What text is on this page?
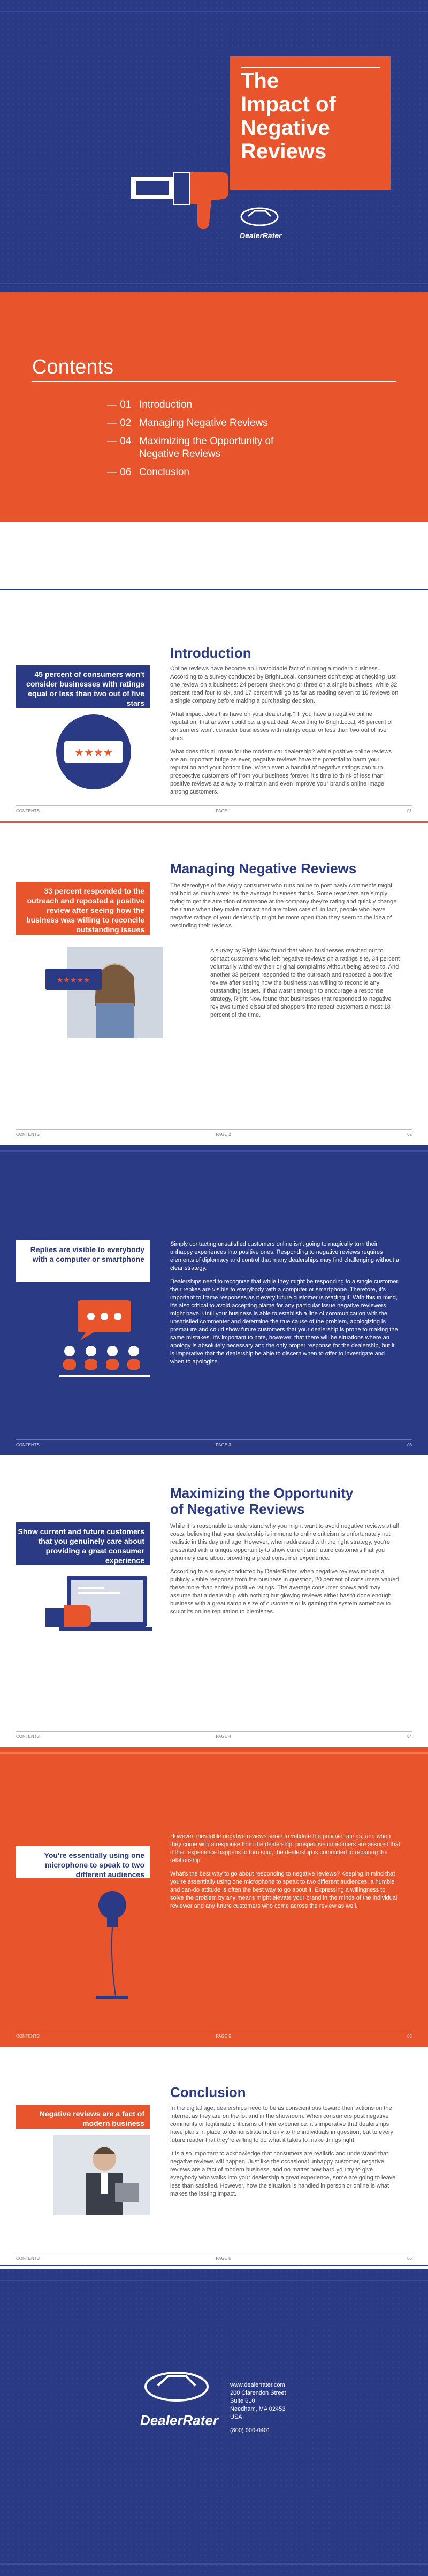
The
Impact of
Negative
Reviews
DealerRater
Contents
— 01 Introduction
— 02 Managing Negative Reviews
— 04 Maximizing the Opportunity of Negative Reviews
— 06 Conclusion
Introduction
45 percent of consumers won't consider businesses with ratings equal or less than two out of five stars
★★★★

Online reviews have become an unavoidable fact of running a modern business. According to a survey conducted by BrightLocal, consumers don't stop at checking just one review on a business: 24 percent check two or three on a single business, while 32 percent read four to six, and 17 percent will go as far as reading seven to 10 reviews on a single company before making a purchasing decision.

What impact does this have on your dealership? If you have a negative online reputation, that answer could be: a great deal. According to BrightLocal, 45 percent of consumers won't consider businesses with ratings equal or less than two out of five stars.

What does this all mean for the modern car dealership? While positive online reviews are an important bulge as ever, negative reviews have the potential to harm your reputation and your bottom line. When even a handful of negative ratings can turn prospective customers off from your business forever, it's time to think of less than positive reviews as a way to maintain and even improve your brand's online image among customers.

CONTENTS	PAGE 1	01
Managing Negative Reviews
33 percent responded to the outreach and reposted a positive review after seeing how the business was willing to reconcile outstanding issues
★★★★★

The stereotype of the angry consumer who runs online to post nasty comments might not hold as much water as the average business thinks. Some reviewers are simply trying to get the attention of someone at the company they're rating and quickly change their tune when they make contact and are taken care of. In fact, people who leave negative ratings of your dealership might be more open than they seem to the idea of rescinding their reviews.

A survey by Right Now found that when businesses reached out to contact customers who left negative reviews on a ratings site, 34 percent voluntarily withdrew their original complaints without being asked to. And another 33 percent responded to the outreach and reposted a positive review after seeing how the business was willing to reconcile any outstanding issues. If that wasn't enough to encourage a response strategy, Right Now found that businesses that responded to negative reviews turned dissatisfied shoppers into repeat customers almost 18 percent of the time.

CONTENTS	PAGE 2	02
Replies are visible to everybody with a computer or smartphone

Simply contacting unsatisfied customers online isn't going to magically turn their unhappy experiences into positive ones. Responding to negative reviews requires elements of diplomacy and control that many dealerships may find challenging without a clear strategy.

Dealerships need to recognize that while they might be responding to a single customer, their replies are visible to everybody with a computer or smartphone. Therefore, it's important to frame responses as if every future customer is reading it. With this in mind, it's also critical to avoid accepting blame for any particular issue negative reviewers might have. Until your business is able to establish a line of communication with the unsatisfied commenter and determine the true cause of the problem, apologizing is premature and could show future customers that your dealership is prone to making the same mistakes. It's important to note, however, that there will be situations where an apology is absolutely necessary and the only proper response for the dealership, but it is imperative that the dealership be able to discern when to offer to investigate and when to apologize.

CONTENTS	PAGE 3	03
Maximizing the Opportunity
of Negative Reviews
Show current and future customers that you genuinely care about providing a great consumer experience

While it is reasonable to understand why you might want to avoid negative reviews at all costs, believing that your dealership is immune to online criticism is unfortunately not realistic in this day and age. However, when addressed with the right strategy, you're presented with a unique opportunity to show current and future customers that you genuinely care about providing a great consumer experience.

According to a survey conducted by DealerRater, when negative reviews include a publicly visible response from the business in question, 20 percent of consumers valued these more than entirely positive ratings. The average consumer knows and may assume that a dealership with nothing but glowing reviews either hasn't done enough business with a great sample size of customers or is gaming the system somehow to sculpt its online reputation to blemishes.

CONTENTS	PAGE 4	04
You're essentially using one microphone to speak to two different audiences

However, inevitable negative reviews serve to validate the positive ratings, and when they come with a response from the dealership, prospective consumers are assured that if their experience happens to turn sour, the dealership is committed to repairing the relationship.

What's the best way to go about responding to negative reviews? Keeping in mind that you're essentially using one microphone to speak to two different audiences, a humble and can-do attitude is often the best way to go about it. Expressing a willingness to solve the problem by any means might elevate your brand in the minds of the individual reviewer and any future customers who come across the review as well.

CONTENTS	PAGE 5	05
Conclusion
Negative reviews are a fact of modern business

In the digital age, dealerships need to be as conscientious toward their actions on the Internet as they are on the lot and in the showroom. When consumers post negative comments or legitimate criticisms of their experience, it's imperative that dealerships have plans in place to demonstrate not only to the individuals in question, but to every future reader that they're willing to do what it takes to make things right.

It is also important to acknowledge that consumers are realistic and understand that negative reviews will happen. Just like the occasional unhappy customer, negative reviews are a fact of modern business, and no matter how hard you try to give everybody who walks into your dealership a great experience, some are going to leave less than satisfied. However, how the situation is handled in person or online is what makes the lasting impact.

CONTENTS	PAGE 6	06
DealerRater
www.dealerrater.com
200 Clarendon Street
Suite 610
Needham, MA 02453
USA
(800) 000-0401
